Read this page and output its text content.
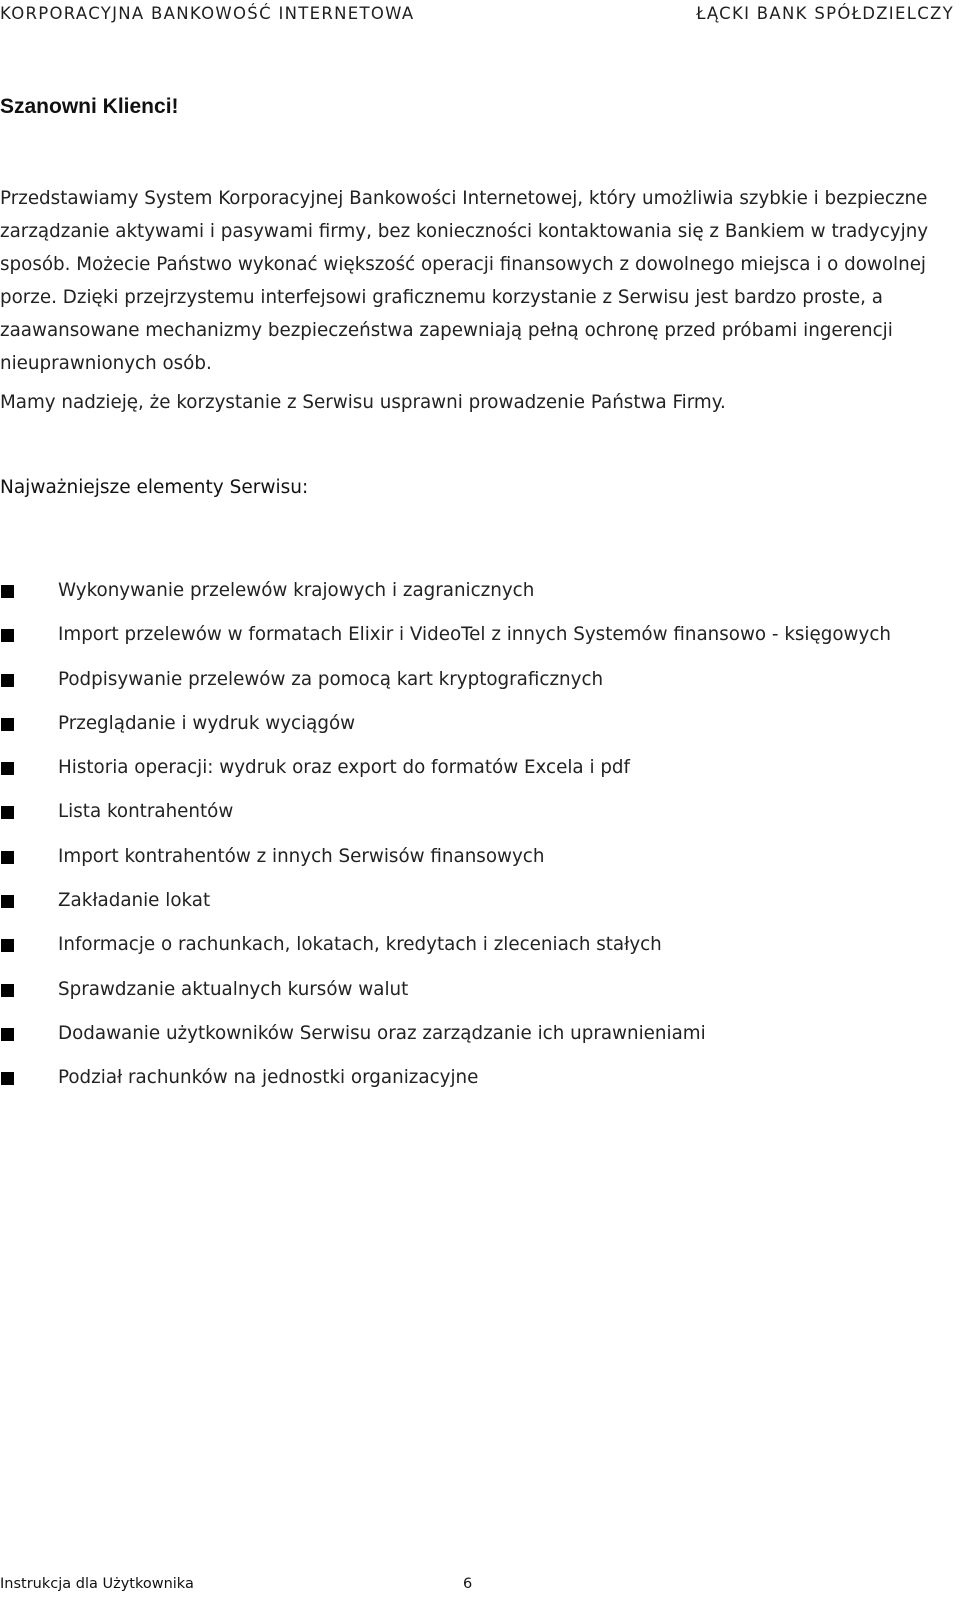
KORPORACYJNA BANKOWOŚĆ INTERNETOWA	ŁĄCKI BANK SPÓŁDZIELCZY
Szanowni Klienci!

Przedstawiamy System Korporacyjnej Bankowości Internetowej, który umożliwia szybkie i bezpieczne zarządzanie aktywami i pasywami firmy, bez konieczności kontaktowania się z Bankiem w tradycyjny sposób. Możecie Państwo wykonać większość operacji finansowych z dowolnego miejsca i o dowolnej porze. Dzięki przejrzystemu interfejsowi graficznemu korzystanie z Serwisu jest bardzo proste, a zaawansowane mechanizmy bezpieczeństwa zapewniają pełną ochronę przed próbami ingerencji nieuprawnionych osób.

Mamy nadzieję, że korzystanie z Serwisu usprawni prowadzenie Państwa Firmy.

Najważniejsze elementy Serwisu:
Wykonywanie przelewów krajowych i zagranicznych
Import przelewów w formatach Elixir i VideoTel z innych Systemów finansowo - księgowych
Podpisywanie przelewów za pomocą kart kryptograficznych
Przeglądanie i wydruk wyciągów
Historia operacji: wydruk oraz export do formatów Excela i pdf
Lista kontrahentów
Import kontrahentów z innych Serwisów finansowych
Zakładanie lokat
Informacje o rachunkach, lokatach, kredytach i zleceniach stałych
Sprawdzanie aktualnych kursów walut
Dodawanie użytkowników Serwisu oraz zarządzanie ich uprawnieniami
Podział rachunków na jednostki organizacyjne
Instrukcja dla Użytkownika	6
